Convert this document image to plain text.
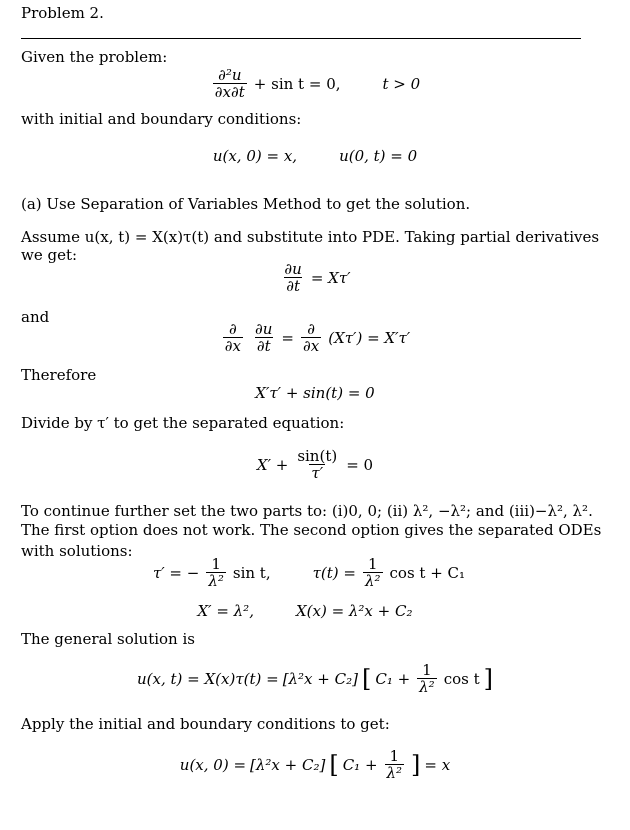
Problem 2.
Given the problem:
$\frac{\text{∂²u}}{\partial x\partial t} + \sin t = 0$,	t > 0
with initial and boundary conditions:
u(x, 0) = x,	u(0, t) = 0
(a) Use Separation of Variables Method to get the solution.
Assume u(x, t) = X(x)τ(t) and substitute into PDE. Taking partial derivatives
we get:
$\frac{\partial u}{\partial t} = X\tau'$
and
$\frac{\partial}{\partial x} \frac{\partial u}{\partial t} = \frac{\partial}{\partial x} (X\tau') = X'\tau'$
Therefore
X′τ′ + sin(t) = 0
Divide by τ′ to get the separated equation:
$X' + \frac{\sin(t)}{\tau'} = 0$
To continue further set the two parts to: (i)0, 0; (ii) λ², −λ²; and (iii)−λ², λ².
The first option does not work. The second option gives the separated ODEs
with solutions:
τ′ = − $\frac{1}{\text{λ²}}$ sin t,	$\tau(t) = \frac{1}{\text{λ²}}$ cos t + C₁
X′ = λ²,	X(x) = λ²x + C₂
The general solution is
u(x, t) = X(x)τ(t) = [λ²x + C₂] [ $C_1 + \frac{1}{\text{λ²}}$ cos t ]
Apply the initial and boundary conditions to get:
u(x, 0) = [λ²x + C₂] [ $C_1 + \frac{1}{\text{λ²}}$ ] = x
